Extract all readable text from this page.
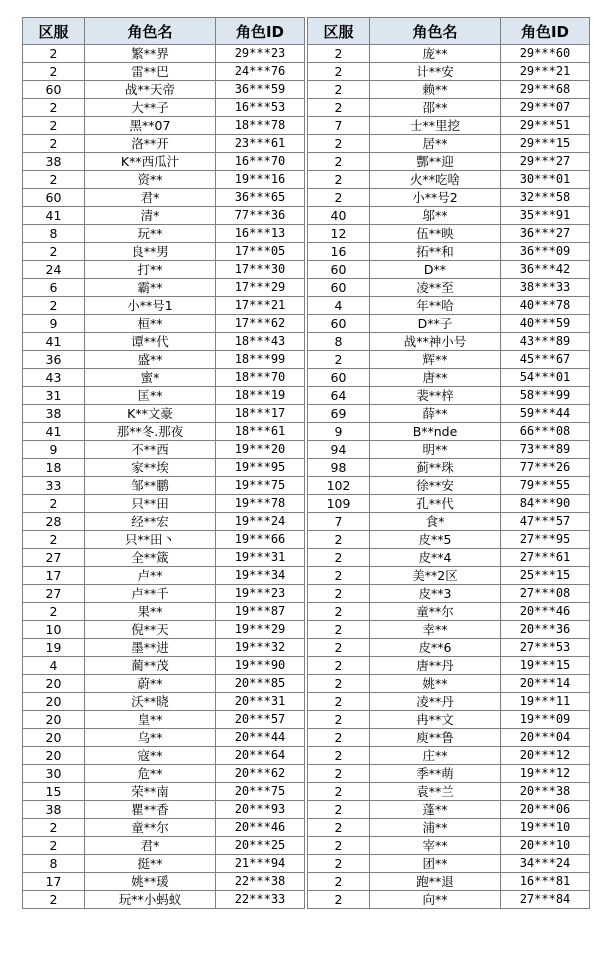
区服	角色名	角色ID
2	繁**界	29***23
2	雷**巴	24***76
60	战**天帝	36***59
2	大**子	16***53
2	黑**07	18***78
2	洛**开	23***61
38	K**西瓜汁	16***70
2	资**	19***16
60	君*	36***65
41	清*	77***36
8	玩**	16***13
2	良**男	17***05
24	打**	17***30
6	霸**	17***29
2	小**号1	17***21
9	桓**	17***62
41	谭**代	18***43
36	盛**	18***99
43	蜜*	18***70
31	匡**	18***19
38	K**文豪	18***17
41	那**冬.那夜	18***61
9	不**西	19***20
18	家**埃	19***95
33	邹**鹏	19***75
2	只**田	19***78
28	经**宏	19***24
2	只**田丶	19***66
27	全**箴	19***31
17	卢**	19***34
27	卢**千	19***23
2	果**	19***87
10	倪**天	19***29
19	墨**进	19***32
4	蔺**茂	19***90
20	蔚**	20***85
20	沃**晓	20***31
20	皇**	20***57
20	乌**	20***44
20	寇**	20***64
30	危**	20***62
15	荣**南	20***75
38	瞿**香	20***93
2	童**尔	20***46
2	君*	20***25
8	挺**	21***94
17	姚**瑗	22***38
2	玩**小蚂蚁	22***33
区服	角色名	角色ID
2	庞**	29***60
2	计**安	29***21
2	赖**	29***68
2	邵**	29***07
7	士**里挖	29***51
2	居**	29***15
2	酆**迎	29***27
2	火**吃啥	30***01
2	小**号2	32***58
40	邬**	35***91
12	伍**映	36***27
16	拓**和	36***09
60	D**	36***42
60	凌**至	38***33
4	年**哈	40***78
60	D**子	40***59
8	战**神小号	43***89
2	辉**	45***67
60	唐**	54***01
64	裴**梓	58***99
69	薛**	59***44
9	B**nde	66***08
94	明**	73***89
98	蓟**珠	77***26
102	徐**安	79***55
109	孔**代	84***90
7	食*	47***57
2	皮**5	27***95
2	皮**4	27***61
2	美**2区	25***15
2	皮**3	27***08
2	童**尔	20***46
2	幸**	20***36
2	皮**6	27***53
2	唐**丹	19***15
2	姚**	20***14
2	凌**丹	19***11
2	冉**文	19***09
2	庾**鲁	20***04
2	庄**	20***12
2	季**萌	19***12
2	袁**兰	20***38
2	蓬**	20***06
2	浦**	19***10
2	宰**	20***10
2	团**	34***24
2	跑**退	16***81
2	向**	27***84
